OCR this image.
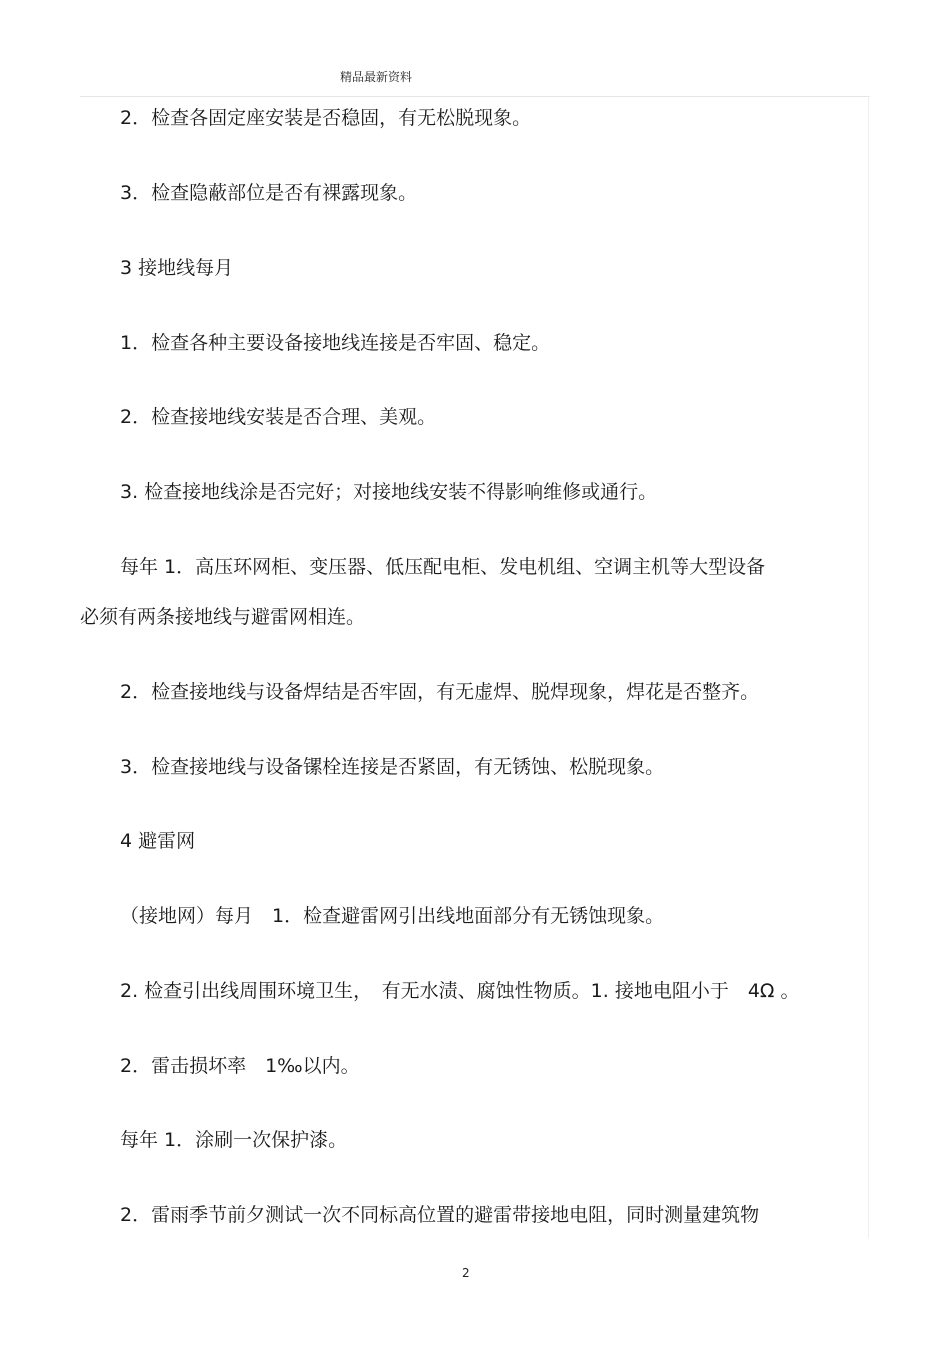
精品最新资料
2．检查各固定座安装是否稳固，有无松脱现象。
3．检查隐蔽部位是否有裸露现象。
3 接地线每月
1．检查各种主要设备接地线连接是否牢固、稳定。
2．检查接地线安装是否合理、美观。
3. 检查接地线涂是否完好；对接地线安装不得影响维修或通行。
每年 1．高压环网柜、变压器、低压配电柜、发电机组、空调主机等大型设备
必须有两条接地线与避雷网相连。
2．检查接地线与设备焊结是否牢固，有无虚焊、脱焊现象，焊花是否整齐。
3．检查接地线与设备镙栓连接是否紧固，有无锈蚀、松脱现象。
4 避雷网
（接地网）每月　1．检查避雷网引出线地面部分有无锈蚀现象。
2. 检查引出线周围环境卫生，　有无水渍、腐蚀性物质。1. 接地电阻小于　4Ω 。
2．雷击损坏率　1‰以内。
每年 1．涂刷一次保护漆。
2．雷雨季节前夕测试一次不同标高位置的避雷带接地电阻，同时测量建筑物
2
